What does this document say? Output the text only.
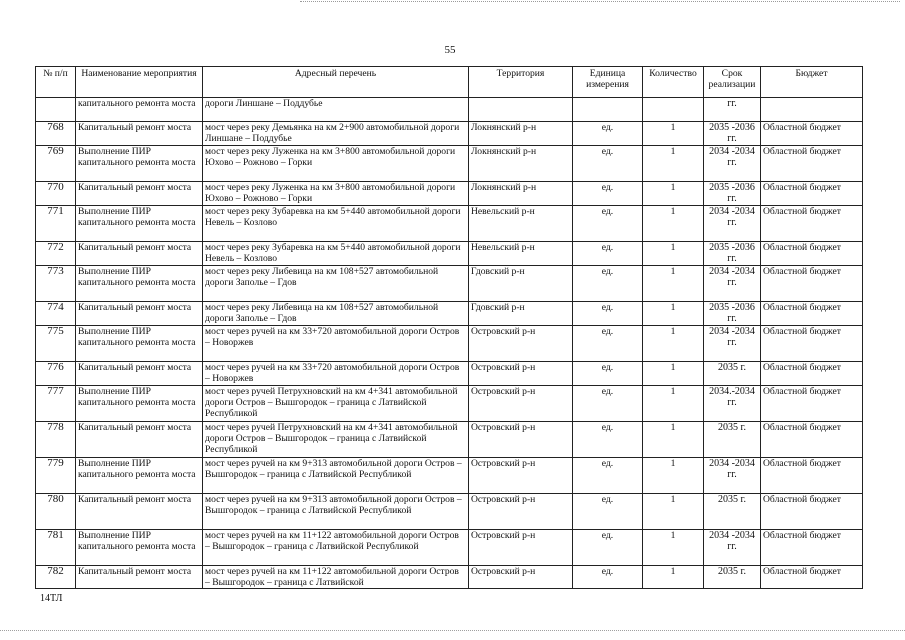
55
№ п/п	Наименование мероприятия	Адресный перечень	Территория	Единица измерения	Количество	Срок реализации	Бюджет
	капитального ремонта моста	дороги Линшане – Поддубье				гг.	
768	Капитальный ремонт моста	мост через реку Демьянка на км 2+900 автомобильной дороги Линшане – Поддубье	Локнянский р-н	ед.	1	2035 -2036 гг.	Областной бюджет
769	Выполнение ПИР капитального ремонта моста	мост через реку Луженка на км 3+800 автомобильной дороги Юхово – Рожново – Горки	Локнянский р-н	ед.	1	2034 -2034 гг.	Областной бюджет
770	Капитальный ремонт моста	мост через реку Луженка на км 3+800 автомобильной дороги Юхово – Рожново – Горки	Локнянский р-н	ед.	1	2035 -2036 гг.	Областной бюджет
771	Выполнение ПИР капитального ремонта моста	мост через реку Зубаревка на км 5+440 автомобильной дороги Невель – Козлово	Невельский р-н	ед.	1	2034 -2034 гг.	Областной бюджет
772	Капитальный ремонт моста	мост через реку Зубаревка на км 5+440 автомобильной дороги Невель – Козлово	Невельский р-н	ед.	1	2035 -2036 гг.	Областной бюджет
773	Выполнение ПИР капитального ремонта моста	мост через реку Либевица на км 108+527 автомобильной дороги Заполье – Гдов	Гдовский р-н	ед.	1	2034 -2034 гг.	Областной бюджет
774	Капитальный ремонт моста	мост через реку Либевица на км 108+527 автомобильной дороги Заполье – Гдов	Гдовский р-н	ед.	1	2035 -2036 гг.	Областной бюджет
775	Выполнение ПИР капитального ремонта моста	мост через ручей на км 33+720 автомобильной дороги Остров – Новоржев	Островский р-н	ед.	1	2034 -2034 гг.	Областной бюджет
776	Капитальный ремонт моста	мост через ручей на км 33+720 автомобильной дороги Остров – Новоржев	Островский р-н	ед.	1	2035 г.	Областной бюджет
777	Выполнение ПИР капитального ремонта моста	мост через ручей Петрухновский на км 4+341 автомобильной дороги Остров – Вышгородок – граница с Латвийской Республикой	Островский р-н	ед.	1	2034.-2034 гг.	Областной бюджет
778	Капитальный ремонт моста	мост через ручей Петрухновский на км 4+341 автомобильной дороги Остров – Вышгородок – граница с Латвийской Республикой	Островский р-н	ед.	1	2035 г.	Областной бюджет
779	Выполнение ПИР капитального ремонта моста	мост через ручей на км 9+313 автомобильной дороги Остров – Вышгородок – граница с Латвийской Республикой	Островский р-н	ед.	1	2034 -2034 гг.	Областной бюджет
780	Капитальный ремонт моста	мост через ручей на км 9+313 автомобильной дороги Остров – Вышгородок – граница с Латвийской Республикой	Островский р-н	ед.	1	2035 г.	Областной бюджет
781	Выполнение ПИР капитального ремонта моста	мост через ручей на км 11+122 автомобильной дороги Остров – Вышгородок – граница с Латвийской Республикой	Островский р-н	ед.	1	2034 -2034 гг.	Областной бюджет
782	Капитальный ремонт моста	мост через ручей на км 11+122 автомобильной дороги Остров – Вышгородок – граница с Латвийской	Островский р-н	ед.	1	2035 г.	Областной бюджет
14ТЛ
